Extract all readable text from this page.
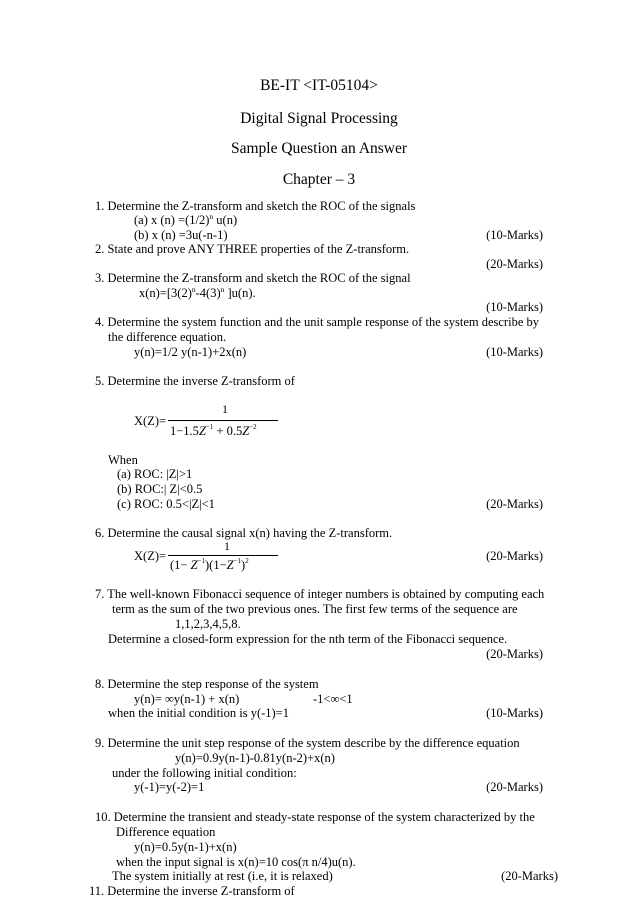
BE-IT <IT-05104>
Digital Signal Processing
Sample Question an Answer
Chapter – 3
1. Determine the Z-transform and sketch the ROC of the signals
(a) x $(n) =(1/2)^n$ u(n)
(b) x (n) =3u(-n-1)	(10-Marks)
2. State and prove ANY THREE properties of the Z-transform.
(20-Marks)
3. Determine the Z-transform and sketch the ROC of the signal
$x(n)=[3(2)^n-4(3)^n$ ]u(n).
(10-Marks)
4. Determine the system function and the unit sample response of the system describe by
the difference equation.
y(n)=1/2 y(n-1)+2x(n)	(10-Marks)
5. Determine the inverse Z-transform of
X(Z)=
1
$1-1.5Z^{-1} + 0.5Z^{-2}$
When
(a) ROC: |Z|>1
(b) ROC:| Z|<0.5
(c) ROC: 0.5<|Z|<1	(20-Marks)
6. Determine the causal signal x(n) having the Z-transform.
1
X(Z)=
$(1- Z^{-1})(1-Z^{-1})^2$	(20-Marks)
7. The well-known Fibonacci sequence of integer numbers is obtained by computing each
term as the sum of the two previous ones. The first few terms of the sequence are
1,1,2,3,4,5,8.
Determine a closed-form expression for the nth term of the Fibonacci sequence.
(20-Marks)
8. Determine the step response of the system
y(n)= ∞y(n-1) + x(n)	-1<∞<1
when the initial condition is y(-1)=1	(10-Marks)
9. Determine the unit step response of the system describe by the difference equation
y(n)=0.9y(n-1)-0.81y(n-2)+x(n)
under the following initial condition:
y(-1)=y(-2)=1	(20-Marks)
10. Determine the transient and steady-state response of the system characterized by the
Difference equation
y(n)=0.5y(n-1)+x(n)
when the input signal is x(n)=10 cos(π n/4)u(n).
The system initially at rest (i.e, it is relaxed)	(20-Marks)
11. Determine the inverse Z-transform of
